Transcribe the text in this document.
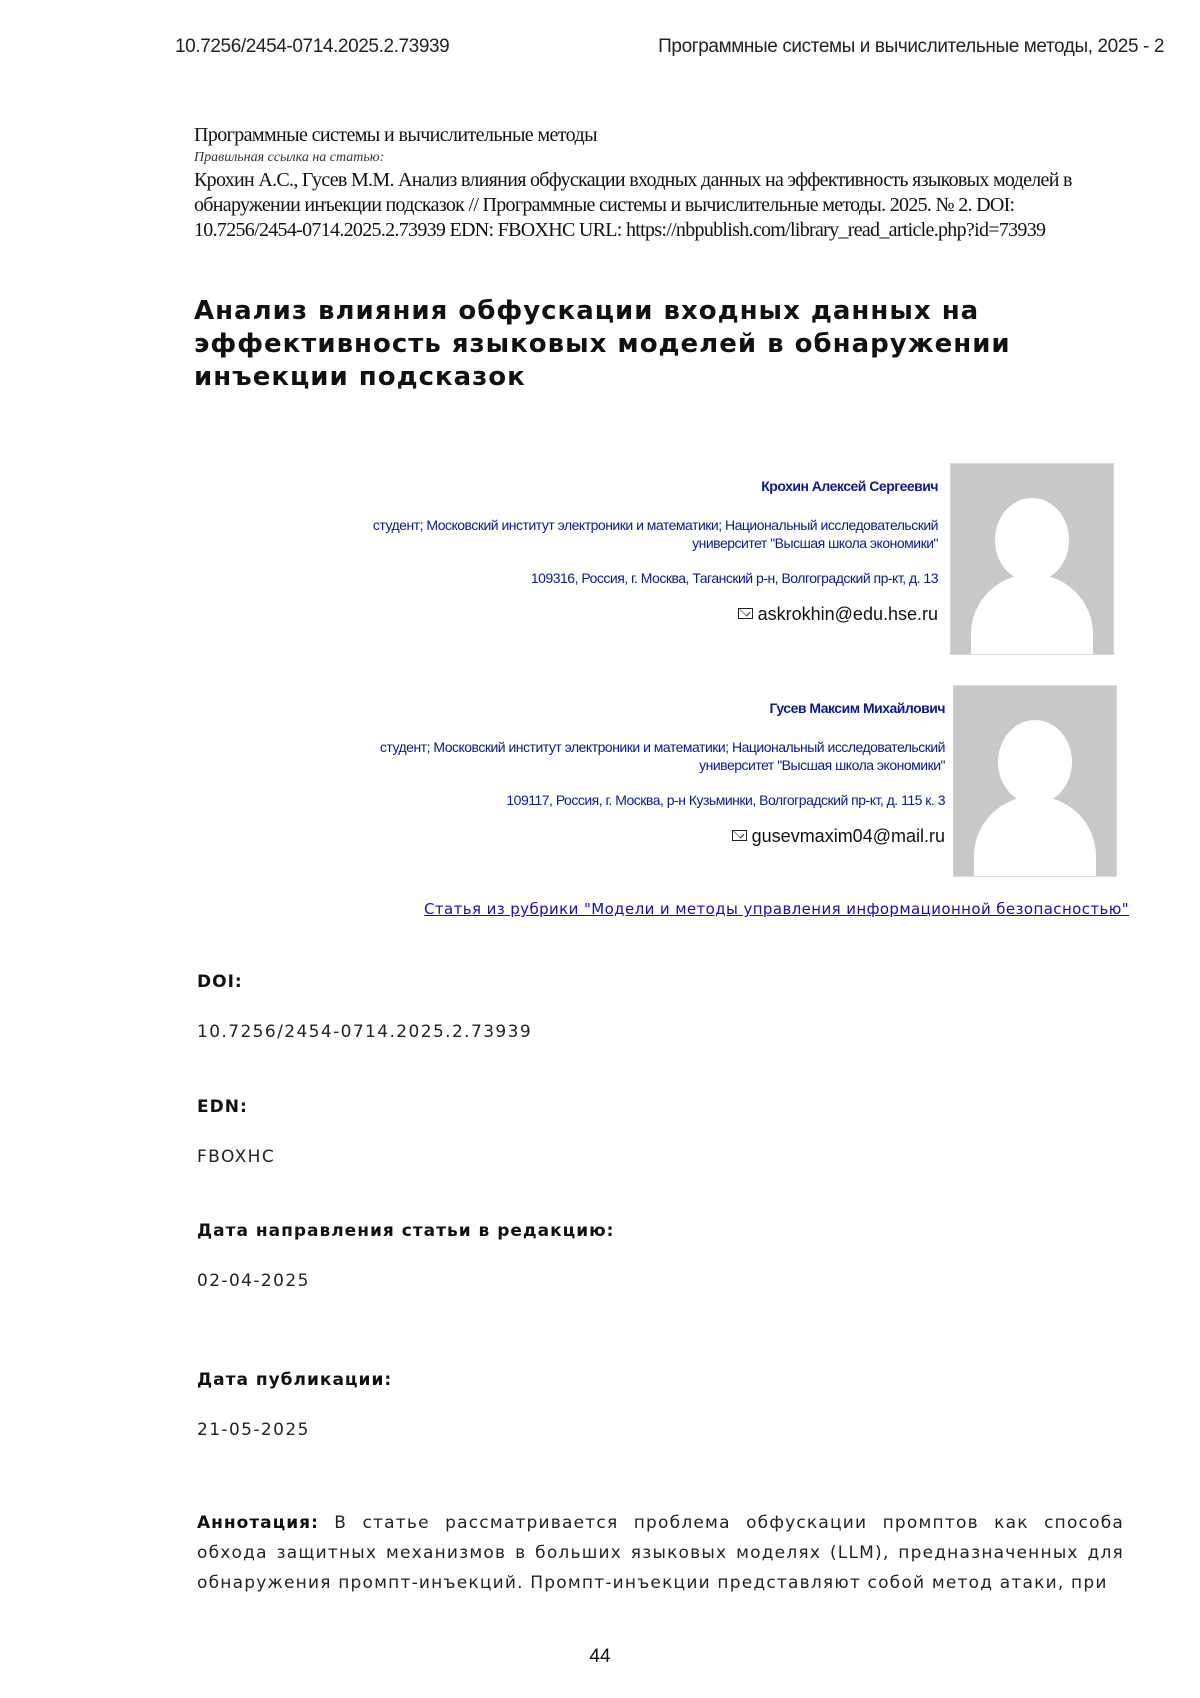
10.7256/2454-0714.2025.2.73939	Программные системы и вычислительные методы, 2025 - 2
Программные системы и вычислительные методы
Правильная ссылка на статью:
Крохин А.С., Гусев М.М. Анализ влияния обфускации входных данных на эффективность языковых моделей в обнаружении инъекции подсказок // Программные системы и вычислительные методы. 2025. № 2. DOI: 10.7256/2454-0714.2025.2.73939 EDN: FBOXHC URL: https://nbpublish.com/library_read_article.php?id=73939
Анализ влияния обфускации входных данных на эффективность языковых моделей в обнаружении инъекции подсказок
Крохин Алексей Сергеевич
студент; Московский институт электроники и математики; Национальный исследовательский
университет "Высшая школа экономики"
109316, Россия, г. Москва, Таганский р-н, Волгоградский пр-кт, д. 13
askrokhin@edu.hse.ru
Гусев Максим Михайлович
студент; Московский институт электроники и математики; Национальный исследовательский
университет "Высшая школа экономики"
109117, Россия, г. Москва, р-н Кузьминки, Волгоградский пр-кт, д. 115 к. 3
gusevmaxim04@mail.ru
Статья из рубрики "Модели и методы управления информационной безопасностью"
DOI:
10.7256/2454-0714.2025.2.73939
EDN:
FBOXHC
Дата направления статьи в редакцию:
02-04-2025
Дата публикации:
21-05-2025
Аннотация: В статье рассматривается проблема обфускации промптов как способа обхода защитных механизмов в больших языковых моделях (LLM), предназначенных для обнаружения промпт-инъекций. Промпт-инъекции представляют собой метод атаки, при
44
